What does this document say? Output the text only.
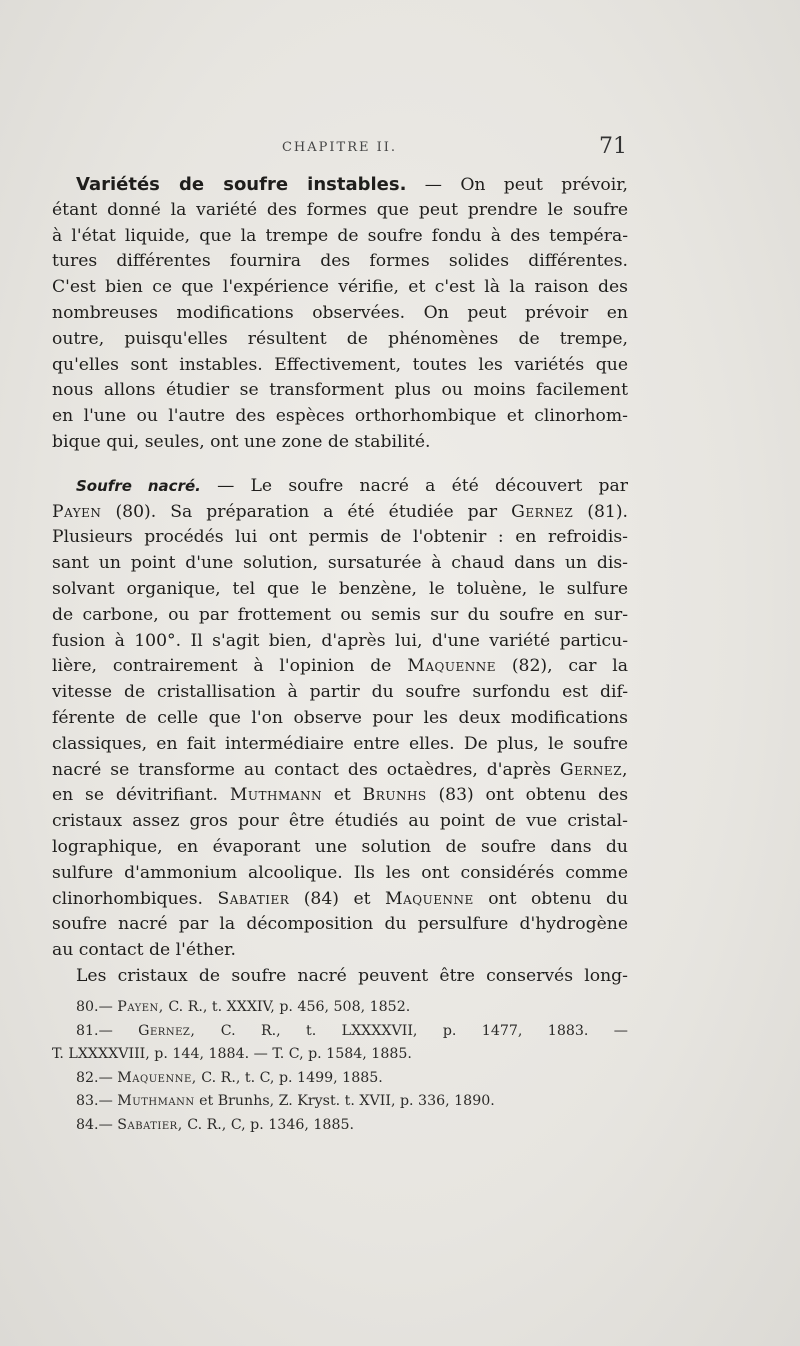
CHAPITRE II.	71
Variétés de soufre instables. — On peut prévoir,
étant donné la variété des formes que peut prendre le soufre
à l'état liquide, que la trempe de soufre fondu à des tempéra-
tures différentes fournira des formes solides différentes.
C'est bien ce que l'expérience vérifie, et c'est là la raison des
nombreuses modifications observées. On peut prévoir en
outre, puisqu'elles résultent de phénomènes de trempe,
qu'elles sont instables. Effectivement, toutes les variétés que
nous allons étudier se transforment plus ou moins facilement
en l'une ou l'autre des espèces orthorhombique et clinorhom-
bique qui, seules, ont une zone de stabilité.
Soufre nacré. — Le soufre nacré a été découvert par
Payen (80). Sa préparation a été étudiée par Gernez (81).
Plusieurs procédés lui ont permis de l'obtenir : en refroidis-
sant un point d'une solution, sursaturée à chaud dans un dis-
solvant organique, tel que le benzène, le toluène, le sulfure
de carbone, ou par frottement ou semis sur du soufre en sur-
fusion à 100°. Il s'agit bien, d'après lui, d'une variété particu-
lière, contrairement à l'opinion de Maquenne (82), car la
vitesse de cristallisation à partir du soufre surfondu est dif-
férente de celle que l'on observe pour les deux modifications
classiques, en fait intermédiaire entre elles. De plus, le soufre
nacré se transforme au contact des octaèdres, d'après Gernez,
en se dévitrifiant. Muthmann et Brunhs (83) ont obtenu des
cristaux assez gros pour être étudiés au point de vue cristal-
lographique, en évaporant une solution de soufre dans du
sulfure d'ammonium alcoolique. Ils les ont considérés comme
clinorhombiques. Sabatier (84) et Maquenne ont obtenu du
soufre nacré par la décomposition du persulfure d'hydrogène
au contact de l'éther.
Les cristaux de soufre nacré peuvent être conservés long-
80.— Payen, C. R., t. XXXIV, p. 456, 508, 1852.
81.— Gernez, C. R., t. LXXXXVII, p. 1477, 1883. —
T. LXXXXVIII, p. 144, 1884. — T. C, p. 1584, 1885.
82.— Maquenne, C. R., t. C, p. 1499, 1885.
83.— Muthmann et Brunhs, Z. Kryst. t. XVII, p. 336, 1890.
84.— Sabatier, C. R., C, p. 1346, 1885.
